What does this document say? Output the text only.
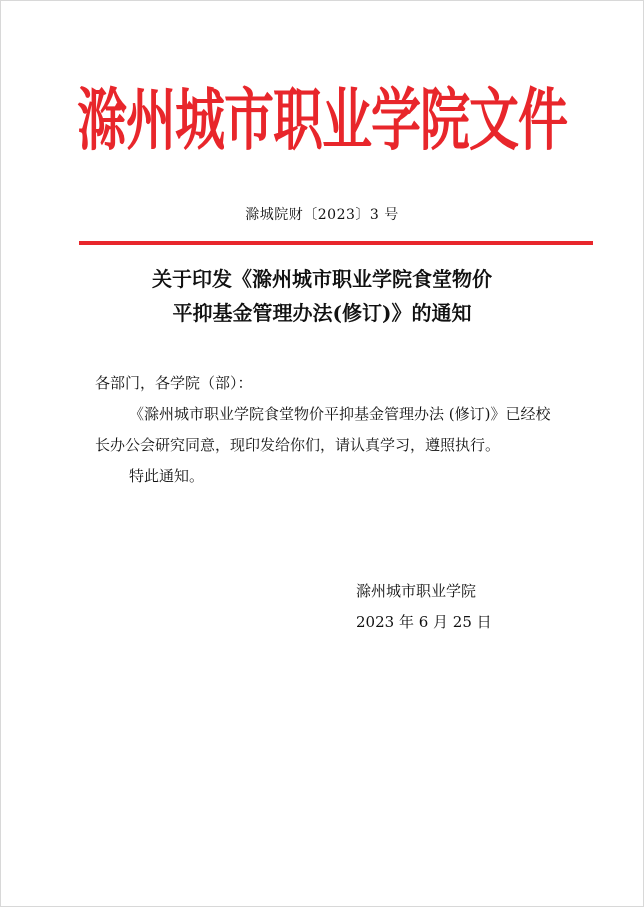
滁州城市职业学院文件
滁城院财〔2023〕3 号
关于印发《滁州城市职业学院食堂物价
平抑基金管理办法(修订)》的通知

各部门，各学院（部）：

《滁州城市职业学院食堂物价平抑基金管理办法 (修订)》已经校长办公会研究同意，现印发给你们，请认真学习，遵照执行。

特此通知。

滁州城市职业学院
2023 年 6 月 25 日
